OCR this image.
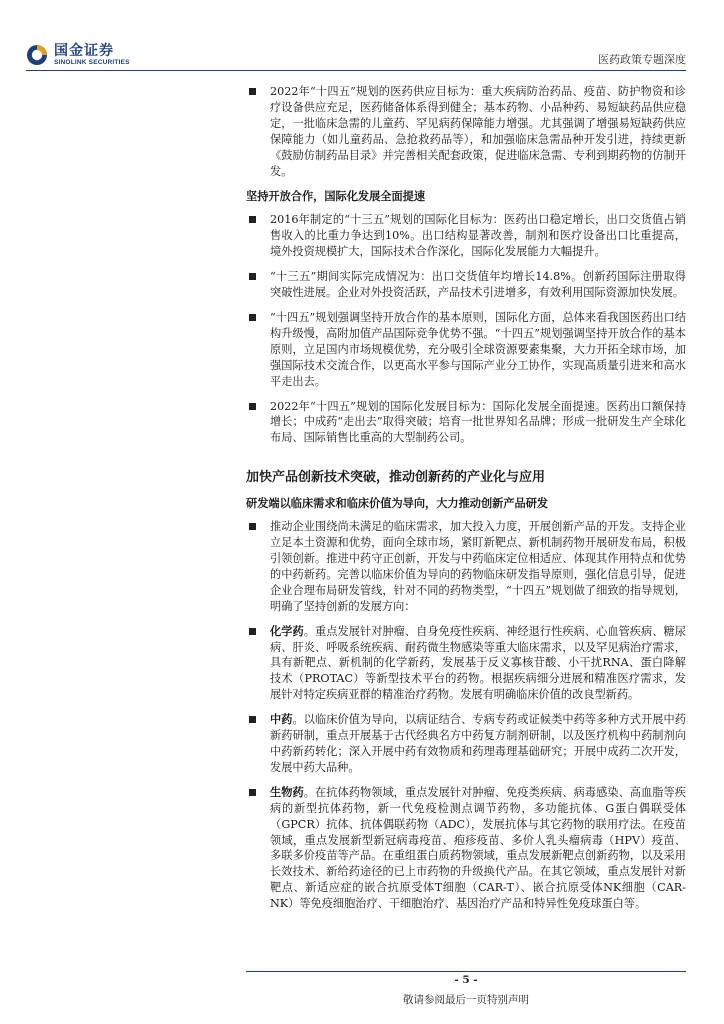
国金证券
SINOLINK SECURITIES	医药政策专题深度
2022年“十四五”规划的医药供应目标为：重大疾病防治药品、疫苗、防护物资和诊疗设备供应充足，医药储备体系得到健全；基本药物、小品种药、易短缺药品供应稳定，一批临床急需的儿童药、罕见病药保障能力增强。尤其强调了增强易短缺药供应保障能力（如儿童药品、急抢救药品等），和加强临床急需品种开发引进，持续更新《鼓励仿制药品目录》并完善相关配套政策，促进临床急需、专利到期药物的仿制开发。
坚持开放合作，国际化发展全面提速
2016年制定的“十三五”规划的国际化目标为：医药出口稳定增长，出口交货值占销售收入的比重力争达到10%。出口结构显著改善，制剂和医疗设备出口比重提高，境外投资规模扩大，国际技术合作深化，国际化发展能力大幅提升。
“十三五”期间实际完成情况为：出口交货值年均增长14.8%。创新药国际注册取得突破性进展。企业对外投资活跃，产品技术引进增多，有效利用国际资源加快发展。
“十四五”规划强调坚持开放合作的基本原则，国际化方面，总体来看我国医药出口结构升级慢，高附加值产品国际竞争优势不强。“十四五”规划强调坚持开放合作的基本原则，立足国内市场规模优势，充分吸引全球资源要素集聚，大力开拓全球市场，加强国际技术交流合作，以更高水平参与国际产业分工协作，实现高质量引进来和高水平走出去。
2022年“十四五”规划的国际化发展目标为：国际化发展全面提速。医药出口额保持增长；中成药“走出去”取得突破；培育一批世界知名品牌；形成一批研发生产全球化布局、国际销售比重高的大型制药公司。
加快产品创新技术突破，推动创新药的产业化与应用
研发端以临床需求和临床价值为导向，大力推动创新产品研发
推动企业围绕尚未满足的临床需求，加大投入力度，开展创新产品的开发。支持企业立足本土资源和优势，面向全球市场，紧盯新靶点、新机制药物开展研发布局，积极引领创新。推进中药守正创新，开发与中药临床定位相适应、体现其作用特点和优势的中药新药。完善以临床价值为导向的药物临床研发指导原则，强化信息引导，促进企业合理布局研发管线，针对不同的药物类型，“十四五”规划做了细致的指导规划，明确了坚持创新的发展方向：
化学药。重点发展针对肿瘤、自身免疫性疾病、神经退行性疾病、心血管疾病、糖尿病、肝炎、呼吸系统疾病、耐药微生物感染等重大临床需求，以及罕见病治疗需求，具有新靶点、新机制的化学新药，发展基于反义寡核苷酸、小干扰RNA、蛋白降解技术（PROTAC）等新型技术平台的药物。根据疾病细分进展和精准医疗需求，发展针对特定疾病亚群的精准治疗药物。发展有明确临床价值的改良型新药。
中药。以临床价值为导向，以病证结合、专病专药或证候类中药等多种方式开展中药新药研制，重点开展基于古代经典名方中药复方制剂研制，以及医疗机构中药制剂向中药新药转化；深入开展中药有效物质和药理毒理基础研究；开展中成药二次开发，发展中药大品种。
生物药。在抗体药物领域，重点发展针对肿瘤、免疫类疾病、病毒感染、高血脂等疾病的新型抗体药物，新一代免疫检测点调节药物，多功能抗体、G蛋白偶联受体（GPCR）抗体、抗体偶联药物（ADC），发展抗体与其它药物的联用疗法。在疫苗领域，重点发展新型新冠病毒疫苗、疱疹疫苗、多价人乳头瘤病毒（HPV）疫苗、多联多价疫苗等产品。在重组蛋白质药物领域，重点发展新靶点创新药物，以及采用长效技术、新给药途径的已上市药物的升级换代产品。在其它领域，重点发展针对新靶点、新适应症的嵌合抗原受体T细胞（CAR-T）、嵌合抗原受体NK细胞（CAR-NK）等免疫细胞治疗、干细胞治疗、基因治疗产品和特异性免疫球蛋白等。
- 5 -
敬请参阅最后一页特别声明
